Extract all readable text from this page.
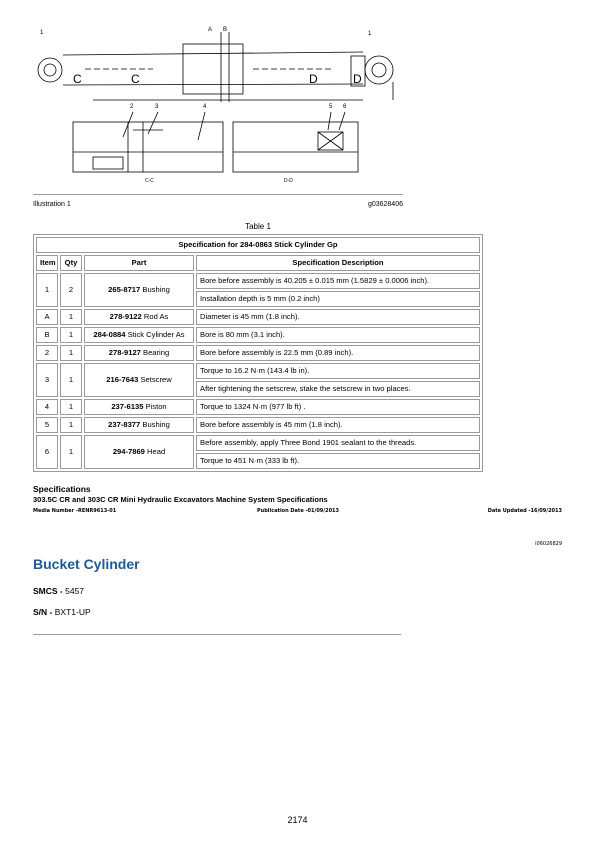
1	A B
1
2	3	4	5 6
C	C	D	D
C-C	D-D
Illustration 1	g03628406
Table 1
Specification for 284-0863 Stick Cylinder Gp			
Item	Qty	Part	Specification Description
1	2	265-8717 Bushing	Bore before assembly is 40.205 ± 0.015 mm (1.5829 ± 0.0006 inch).
			Installation depth is 5 mm (0.2 inch)
A	1	278-9122 Rod As	Diameter is 45 mm (1.8 inch).
B	1	284-0884 Stick Cylinder As	Bore is 80 mm (3.1 inch).
2	1	278-9127 Bearing	Bore before assembly is 22.5 mm (0.89 inch).
3	1	216-7643 Setscrew	Torque to 16.2 N·m (143.4 lb in).
			After tightening the setscrew, stake the setscrew in two places.
4	1	237-6135 Piston	Torque to 1324 N·m (977 lb ft) .
5	1	237-8377 Bushing	Bore before assembly is 45 mm (1.8 inch).
6	1	294-7869 Head	Before assembly, apply Three Bond 1901 sealant to the threads.
			Torque to 451 N·m (333 lb ft).
Specifications
303.5C CR and 303C CR Mini Hydraulic Excavators Machine System Specifications
Media Number -RENR9613-01	Publication Date -01/09/2013	Date Updated -16/09/2013
i06026829
Bucket Cylinder
SMCS - 5457
S/N - BXT1-UP
2174
